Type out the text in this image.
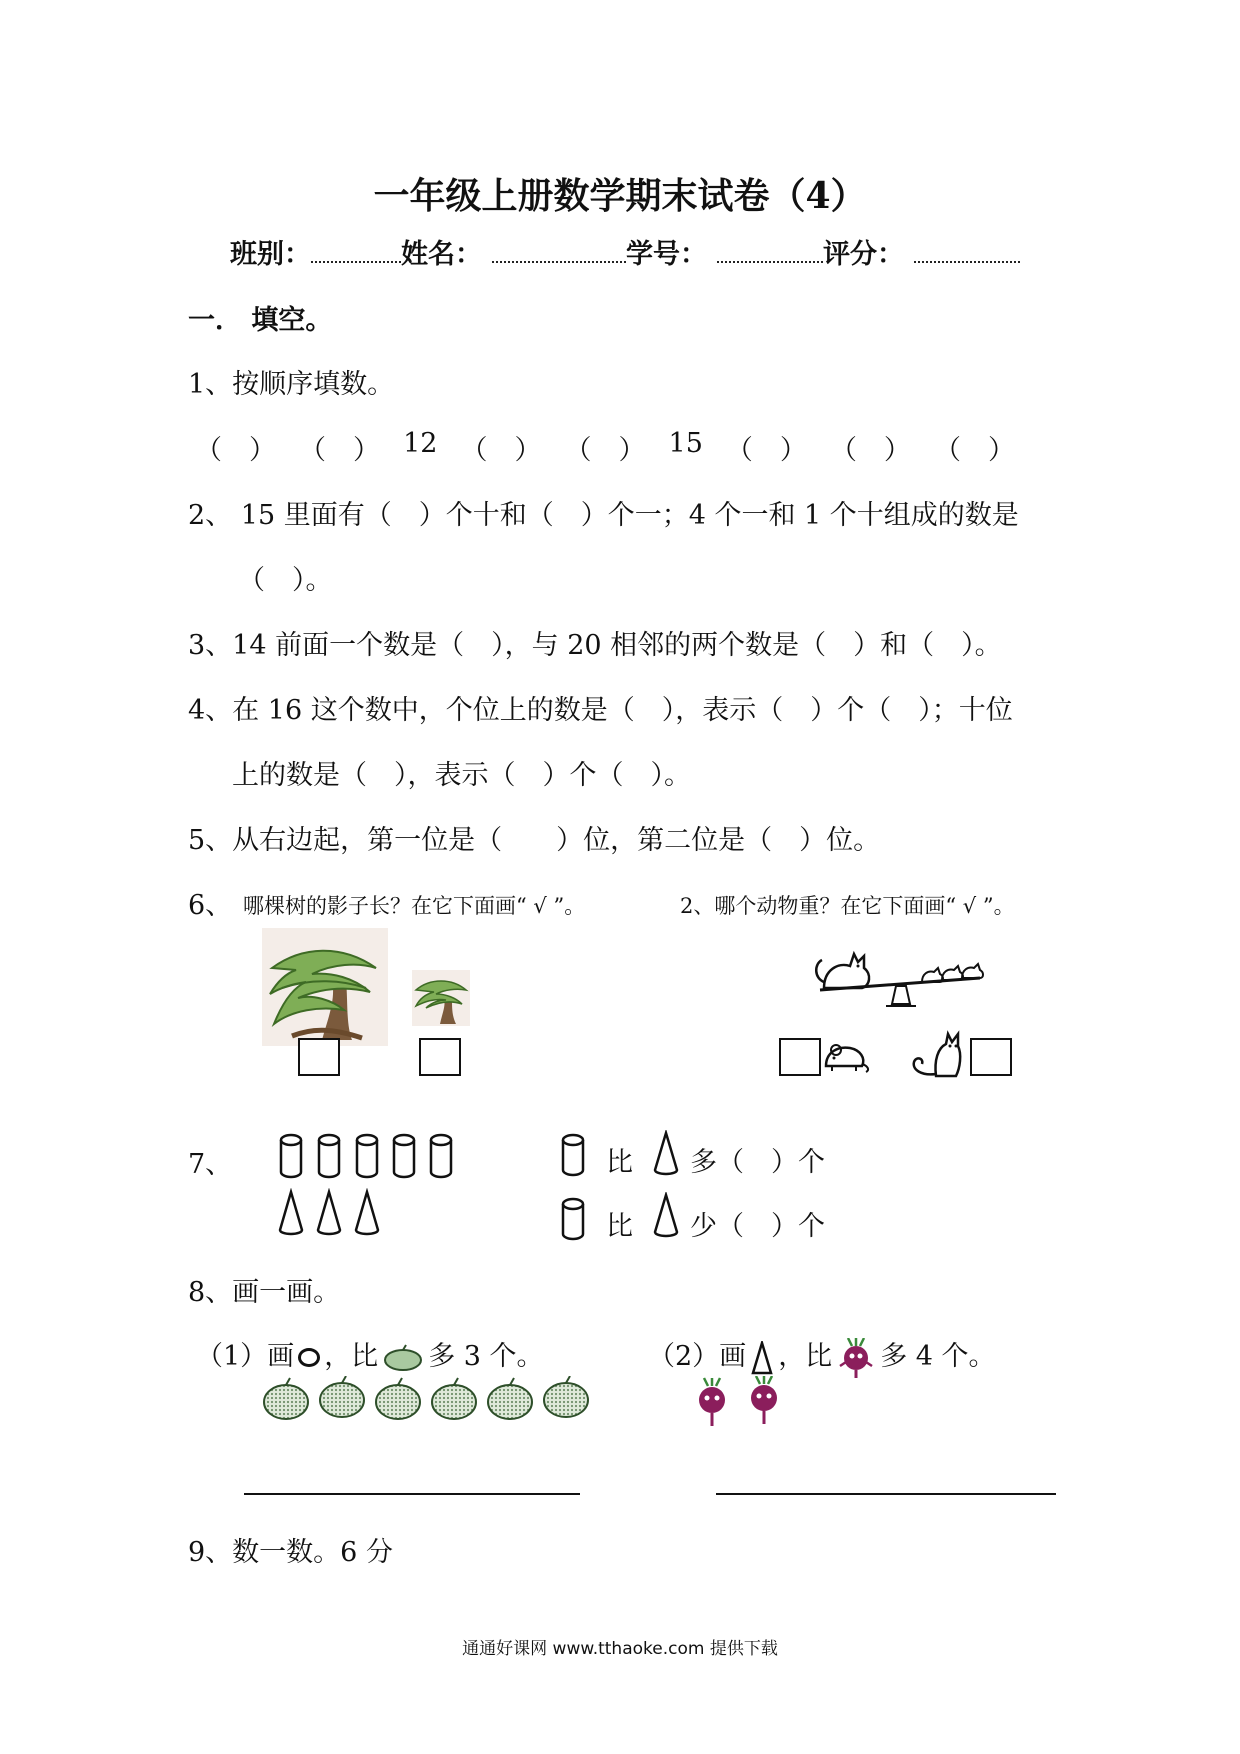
一年级上册数学期末试卷（4）
班别：	姓名：	学号：	评分：
一． 填空。
1、按顺序填数。
（　） （　） 12 （　） （　） 15 （　） （　） （　）
2、 15 里面有（　）个十和（　）个一；4 个一和 1 个十组成的数是
（　）。
3、14 前面一个数是（　），与 20 相邻的两个数是（　）和（　）。
4、在 16 这个数中，个位上的数是（　），表示（　）个（　）；十位
上的数是（　），表示（　）个（　）。
5、从右边起，第一位是（　　）位，第二位是（　）位。
6、 哪棵树的影子长？在它下面画“ √ ”。	2、哪个动物重？在它下面画“ √ ”。
7、	比 多（　）个
比 少（　）个
8、画一画。
（1）画 ，比 多 3 个。	（2）画 ，比 多 4 个。
9、数一数。6 分
通通好课网 www.tthaoke.com 提供下载
